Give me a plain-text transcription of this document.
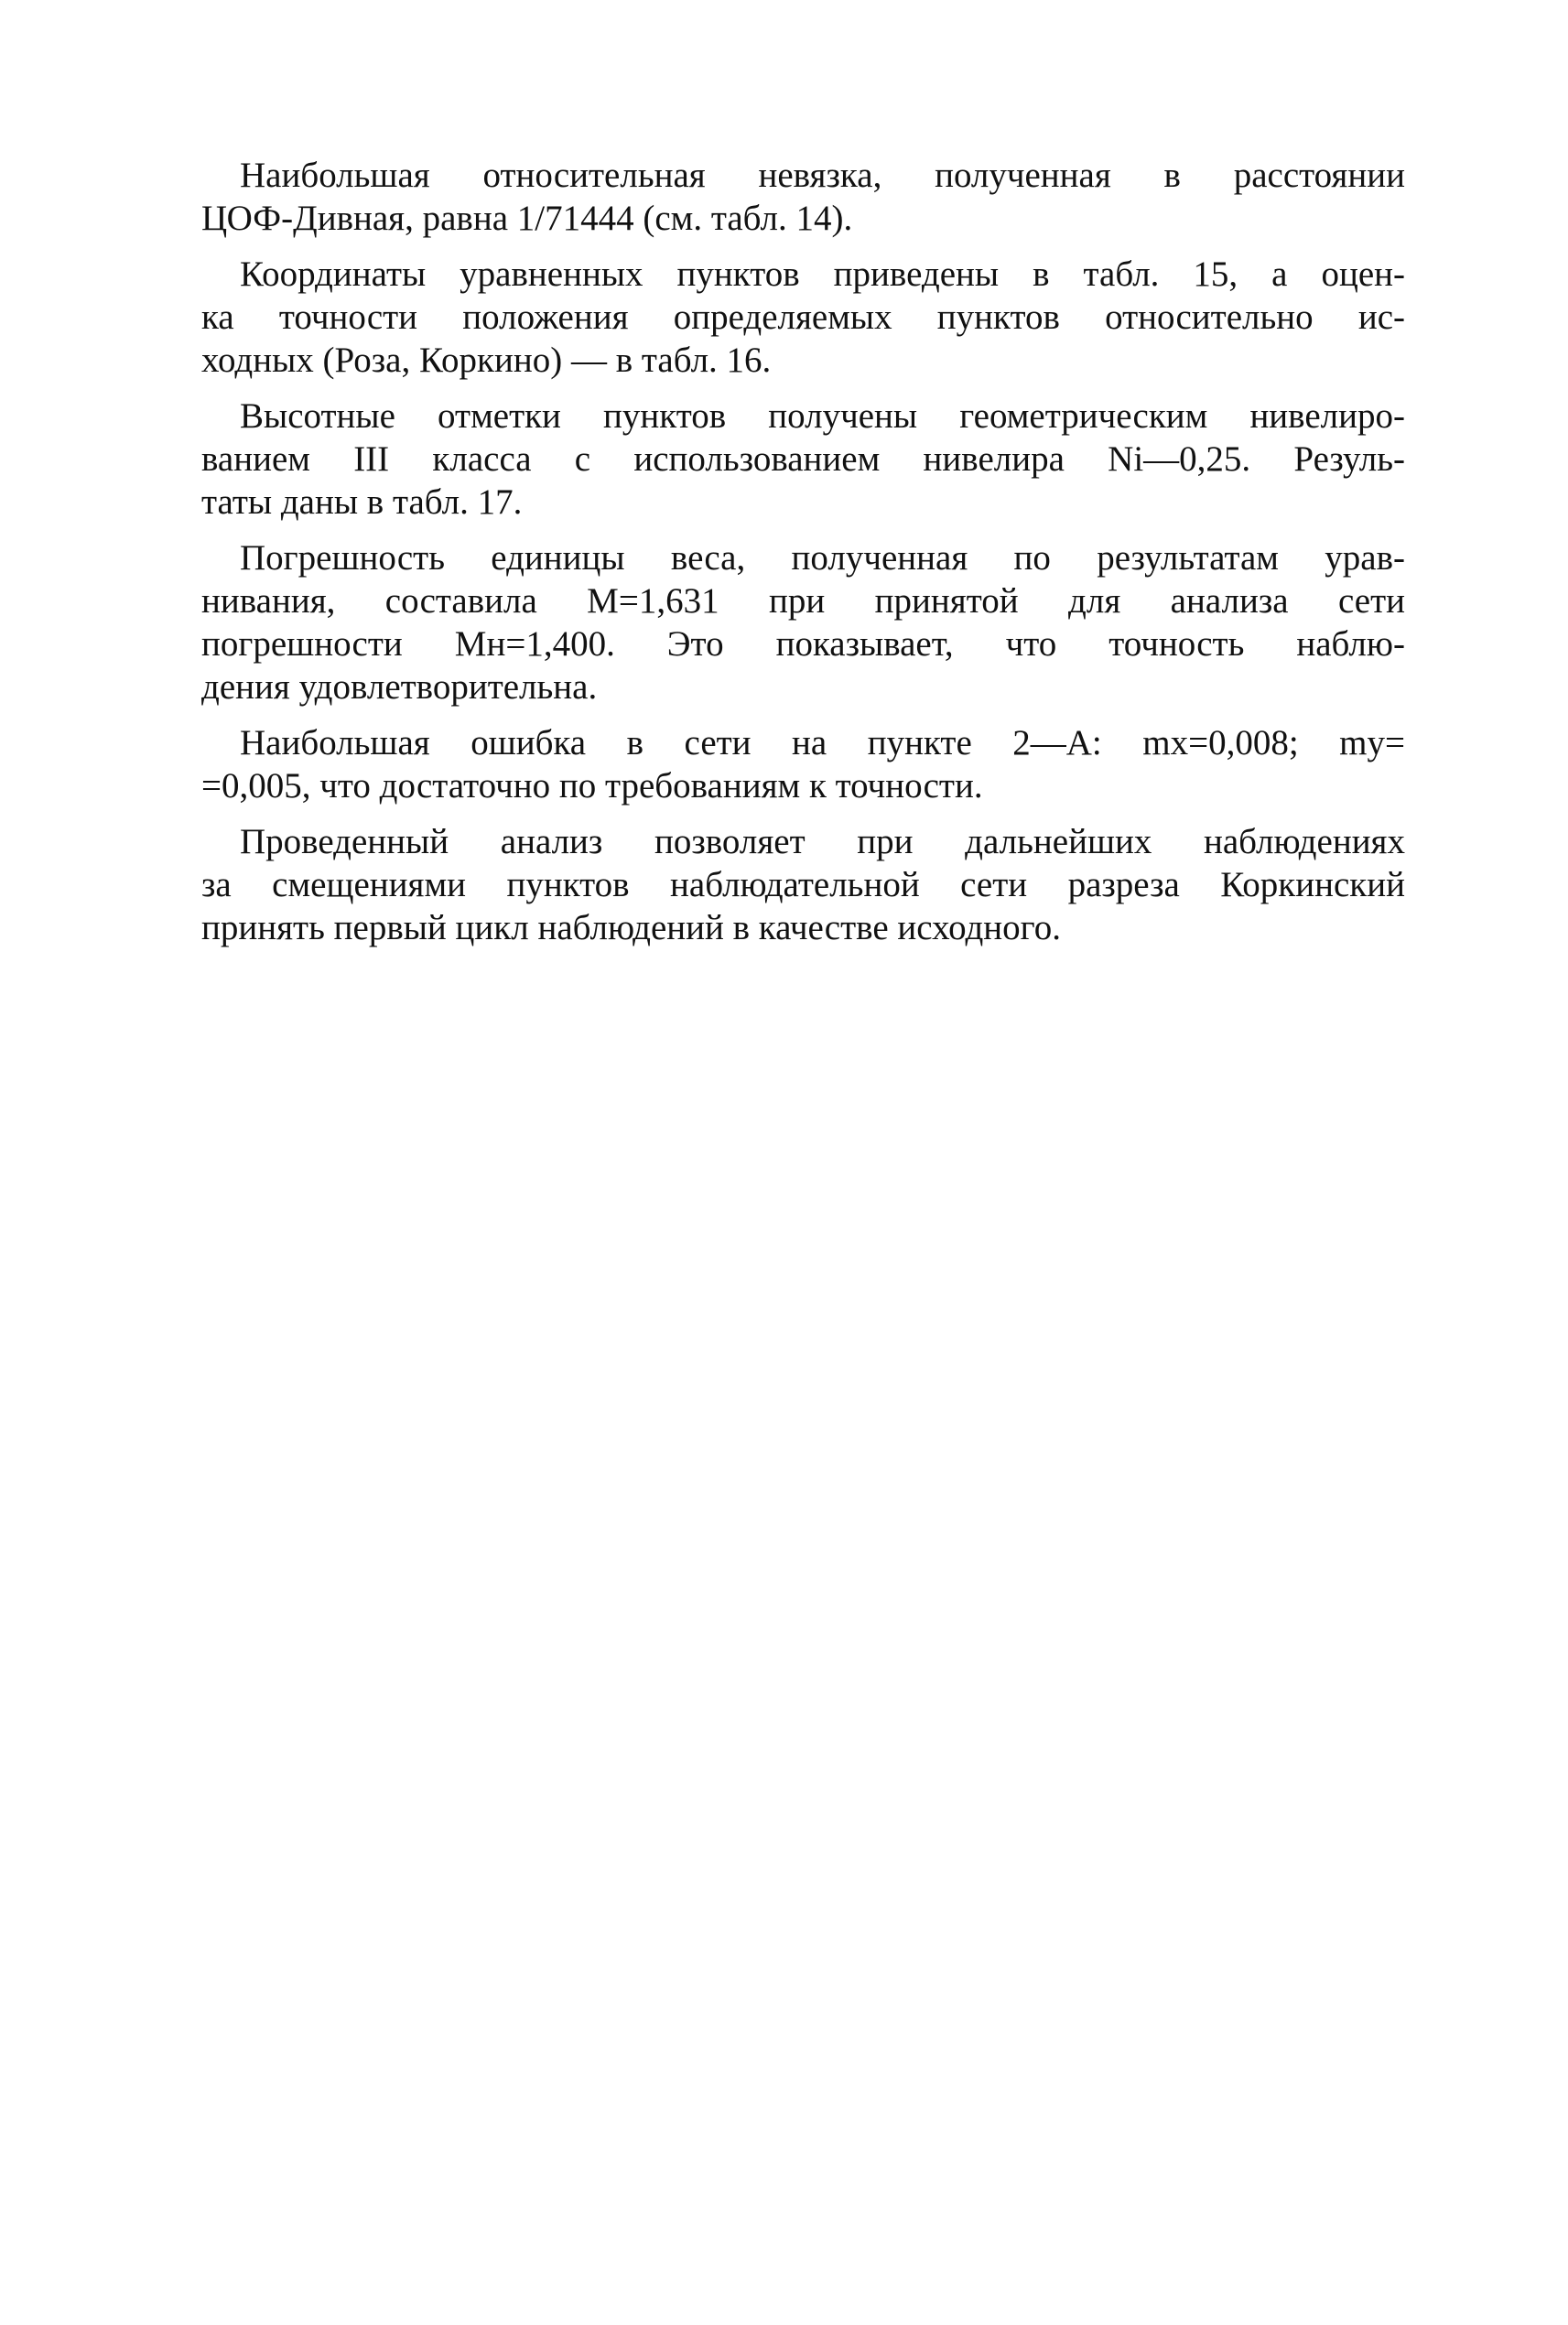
Наибольшая относительная невязка, полученная в расстоянии
ЦОФ-Дивная, равна 1/71444 (см. табл. 14).

Координаты уравненных пунктов приведены в табл. 15, а оцен-
ка точности положения определяемых пунктов относительно ис-
ходных (Роза, Коркино) — в табл. 16.

Высотные отметки пунктов получены геометрическим нивелиро-
ванием III класса с использованием нивелира Ni—0,25. Резуль-
таты даны в табл. 17.

Погрешность единицы веса, полученная по результатам урав-
нивания, составила M=1,631 при принятой для анализа сети
погрешности Mн=1,400. Это показывает, что точность наблю-
дения удовлетворительна.

Наибольшая ошибка в сети на пункте 2—А: mx=0,008; my=
=0,005, что достаточно по требованиям к точности.

Проведенный анализ позволяет при дальнейших наблюдениях
за смещениями пунктов наблюдательной сети разреза Коркинский
принять первый цикл наблюдений в качестве исходного.
